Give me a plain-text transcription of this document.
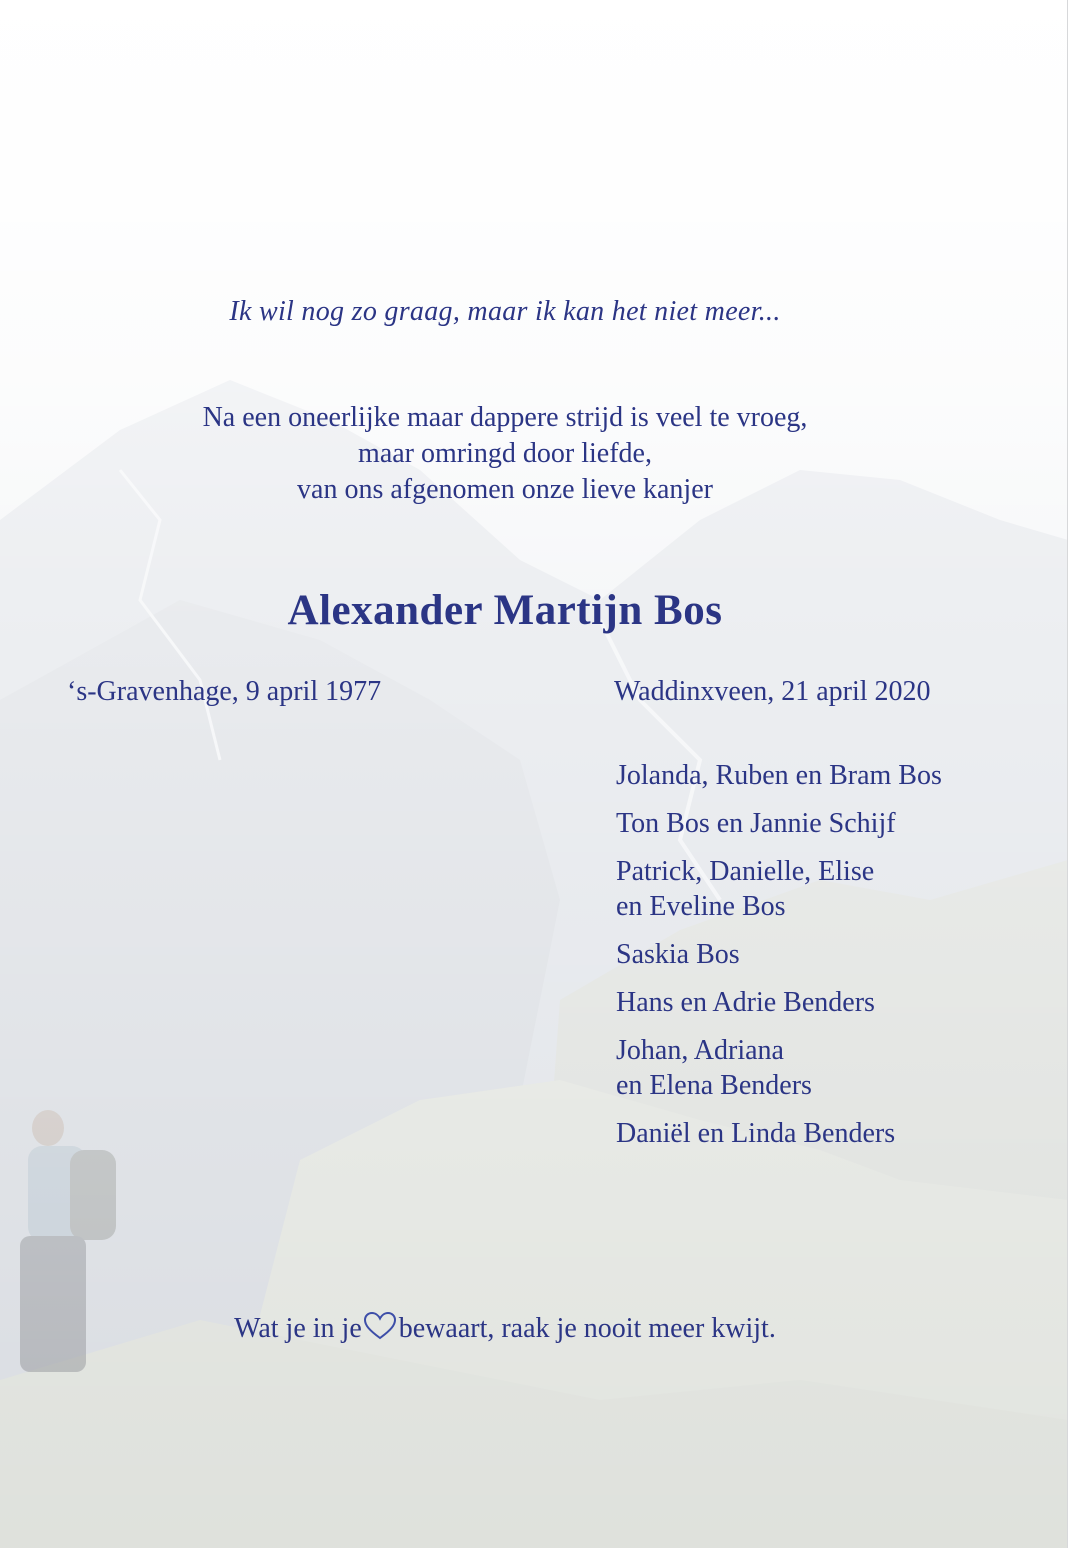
Ik wil nog zo graag, maar ik kan het niet meer...
Na een oneerlijke maar dappere strijd is veel te vroeg,
maar omringd door liefde,
van ons afgenomen onze lieve kanjer
Alexander Martijn Bos
‘s-Gravenhage, 9 april 1977	Waddinxveen, 21 april 2020
Jolanda, Ruben en Bram Bos
Ton Bos en Jannie Schijf
Patrick, Danielle, Elise
en Eveline Bos
Saskia Bos
Hans en Adrie Benders
Johan, Adriana
en Elena Benders
Daniël en Linda Benders
Wat je in je bewaart, raak je nooit meer kwijt.
